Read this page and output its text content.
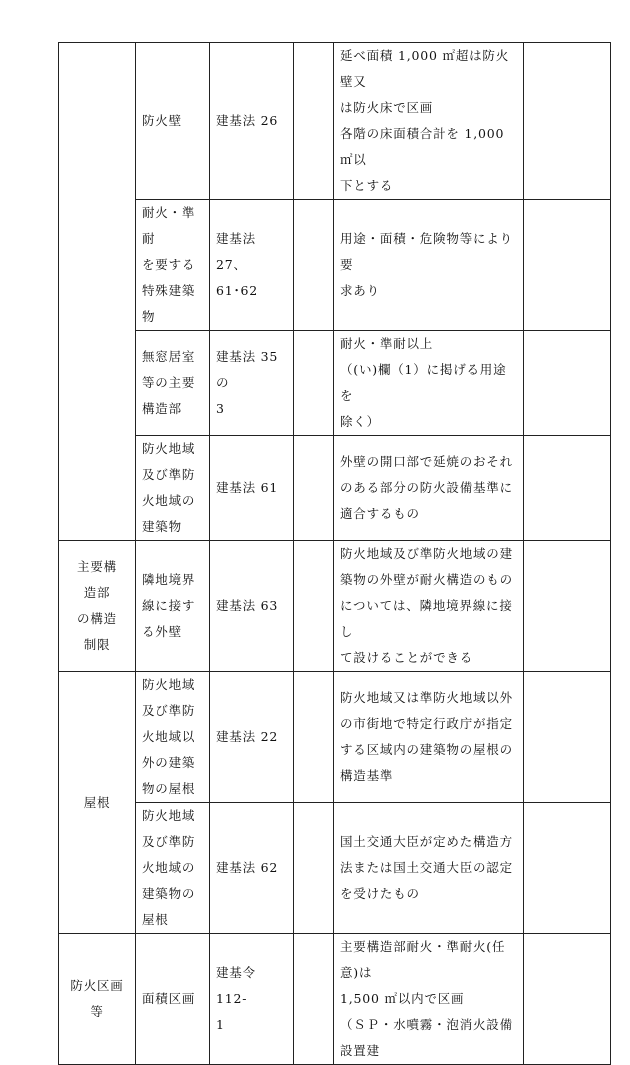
	防火壁	建基法 26		延べ面積 1,000 ㎡超は防火壁又
は防火床で区画
各階の床面積合計を 1,000 ㎡以
下とする	

	耐火・準耐
を要する
特殊建築
物	建基法 27、
61･62		用途・面積・危険物等により要
求あり	

	無窓居室
等の主要
構造部	建基法 35 の
3		耐火・準耐以上
（(い)欄（1）に掲げる用途を
除く）	

	防火地域
及び準防
火地域の
建築物	建基法 61		外壁の開口部で延焼のおそれ
のある部分の防火設備基準に
適合するもの	

主要構
造部
の構造
制限	隣地境界
線に接す
る外壁	建基法 63		防火地域及び準防火地域の建
築物の外壁が耐火構造のもの
については、隣地境界線に接し
て設けることができる	

屋根	防火地域
及び準防
火地域以
外の建築
物の屋根	建基法 22		防火地域又は準防火地域以外
の市街地で特定行政庁が指定
する区域内の建築物の屋根の
構造基準	

	防火地域
及び準防
火地域の
建築物の
屋根	建基法 62		国土交通大臣が定めた構造方
法または国土交通大臣の認定
を受けたもの	

防火区画
等	面積区画	建基令 112-
1		主要構造部耐火・準耐火(任意)は
1,500 ㎡以内で区画
（ＳＰ・水噴霧・泡消火設備設置建	
